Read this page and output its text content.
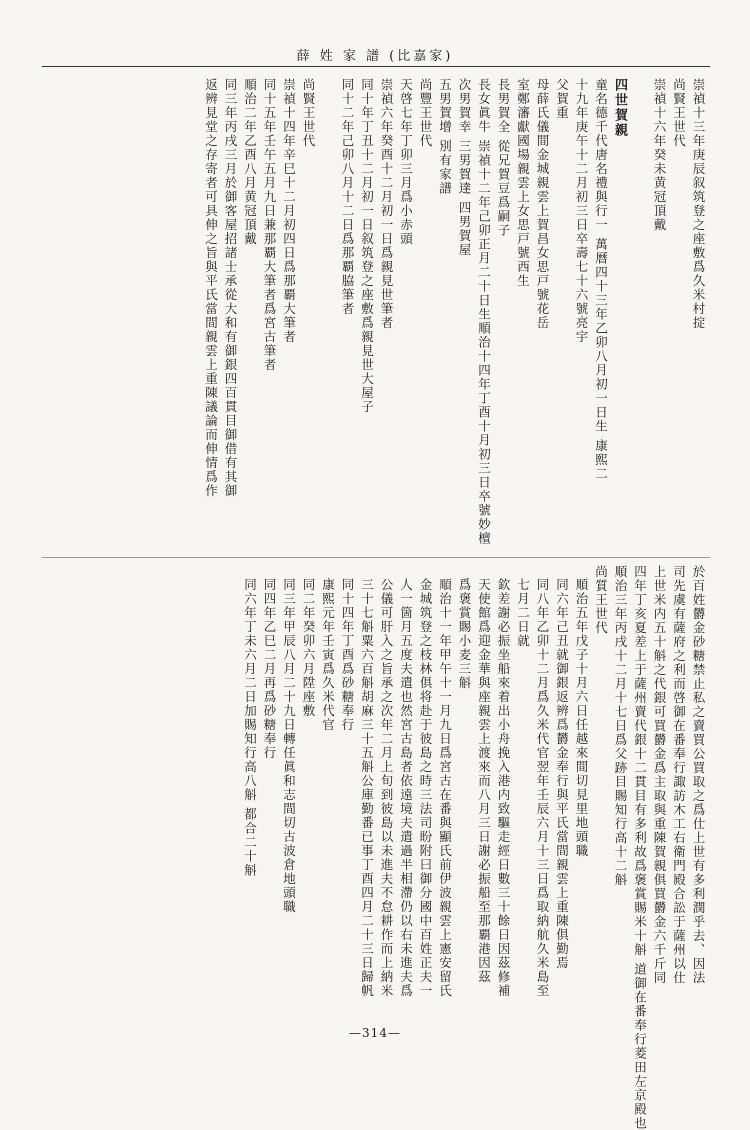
薛 姓 家 譜 (比嘉家)
崇禎十三年庚辰叙筑登之座敷爲久米村掟
尚賢王世代
崇禎十六年癸未黄冠頂戴
四世賀親
童名德千代唐名禮與行一 萬曆四十三年乙卯八月初一日生 康熙二
十九年庚午十二月初三日卒壽七十六號亮宇
父賀重
母薛氏儀間金城親雲上賀昌女思戸號花岳
室鄭瀋獻國場親雲上女思戸號西生
長男賀全 從兄賀豆爲嗣子
長女眞牛 崇禎十二年己卯正月二十日生順治十四年丁酉十月初三日卒號妙檀
次男賀幸 三男賀達 四男賀屋
五男賀增 別有家譜
尚豐王世代
天啓七年丁卯三月爲小赤頭
崇禎六年癸酉十二月初一日爲親見世筆者
同十年丁丑十二月初一日叙筑登之座敷爲親見世大屋子
同十二年己卯八月十二日爲那覇脇筆者
尚賢王世代
崇禎十四年辛巳十二月初四日爲那覇大筆者
同十五年壬午五月九日兼那覇大筆者爲宮古筆者
順治二年乙酉八月黄冠頂戴
同三年丙戌三月於御客屋招諸士承從大和有御銀四百貫目御借有其御
返辨見堂之存寄者可具伸之旨與平氏當間親雲上重陳議論而伸情爲作
於百姓欝金砂糖禁止私之賣買公買取之爲仕上世有多利潤乎去、因法
司先虞有薩府之利而啓御在番奉行諏訪木工右衛門殿合訟于薩州以仕
上世米内五十斛之代銀可買欝金爲主取與重陳賀親俱買欝金六千斤同
四年丁亥夏差上于薩州賣代銀十二貫目有多利故爲褒賞賜米十斛 道御在番奉行菱田左京殿也
順治三年丙戌十二月十七日爲父跡目賜知行高十二斛
尚質王世代
順治五年戊子十月六日任越來間切見里地頭職
同六年己丑就御銀返辨爲欝金奉行與平氏當間親雲上重陳俱勤焉
同八年乙卯十二月爲久米代官翌年壬辰六月十三日爲取納航久米島至
七月二日就
欽差謝必振坐船來着出小舟挽入港内致驅走經日數三十餘日因茲修補
天使館爲迎金華與座親雲上渡來而八月三日謝必振船至那覇港因茲
爲褒賞賜小麦三斛
順治十一年甲午十一月九日爲宮古在番與顯氏前伊波親雲上憲安留氏
金城筑登之枝林俱将赴于彼島之時三法司盼附曰御分國中百姓正夫一
人一箇月五度夫遣也然宮古島者依遠境夫遣過半相滯仍以右未進夫爲
公儀可肝入之旨承之次年二月上旬到彼島以未進夫不怠耕作而上納米
三十七斛粟六百斛胡麻三十五斛公庫勤番已事丁酉四月二十三日歸帆
同十四年丁酉爲砂糖奉行
康熙元年壬寅爲久米代官
同二年癸卯六月陞座敷
同三年甲辰八月二十九日轉任眞和志間切古波倉地頭職
同四年乙巳二月再爲砂糖奉行
同六年丁未六月二日加賜知行高八斛 都合二十斛
—314—
